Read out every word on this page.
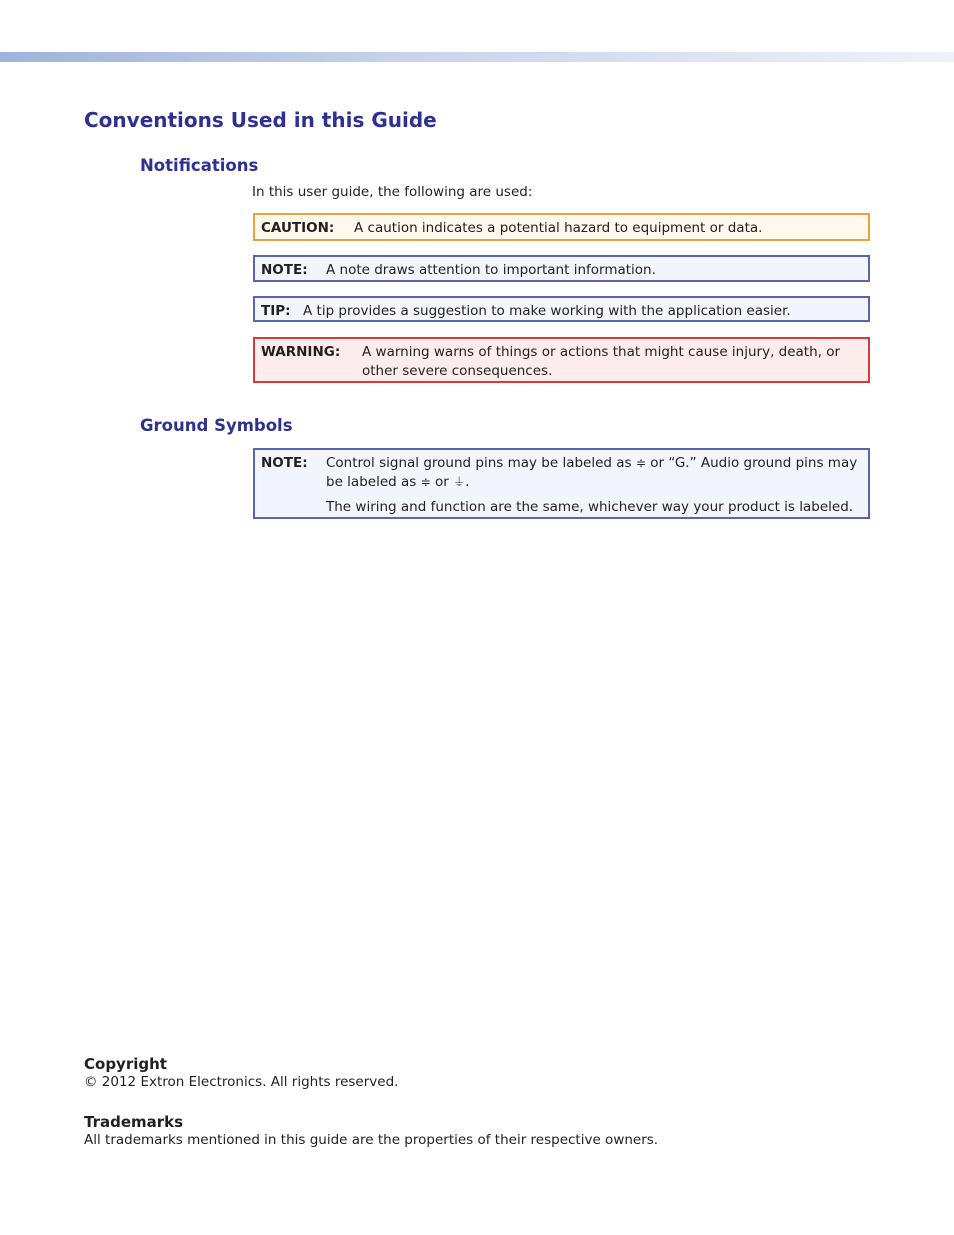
Conventions Used in this Guide
Notifications

In this user guide, the following are used:

CAUTION:	A caution indicates a potential hazard to equipment or data.
NOTE:	A note draws attention to important information.
TIP: A tip provides a suggestion to make working with the application easier.
WARNING:	A warning warns of things or actions that might cause injury, death, or other severe consequences.
Ground Symbols
NOTE:	Control signal ground pins may be labeled as ≑ or “G.” Audio ground pins may be labeled as ≑ or ⏚.
The wiring and function are the same, whichever way your product is labeled.
Copyright

© 2012 Extron Electronics. All rights reserved.

Trademarks

All trademarks mentioned in this guide are the properties of their respective owners.
